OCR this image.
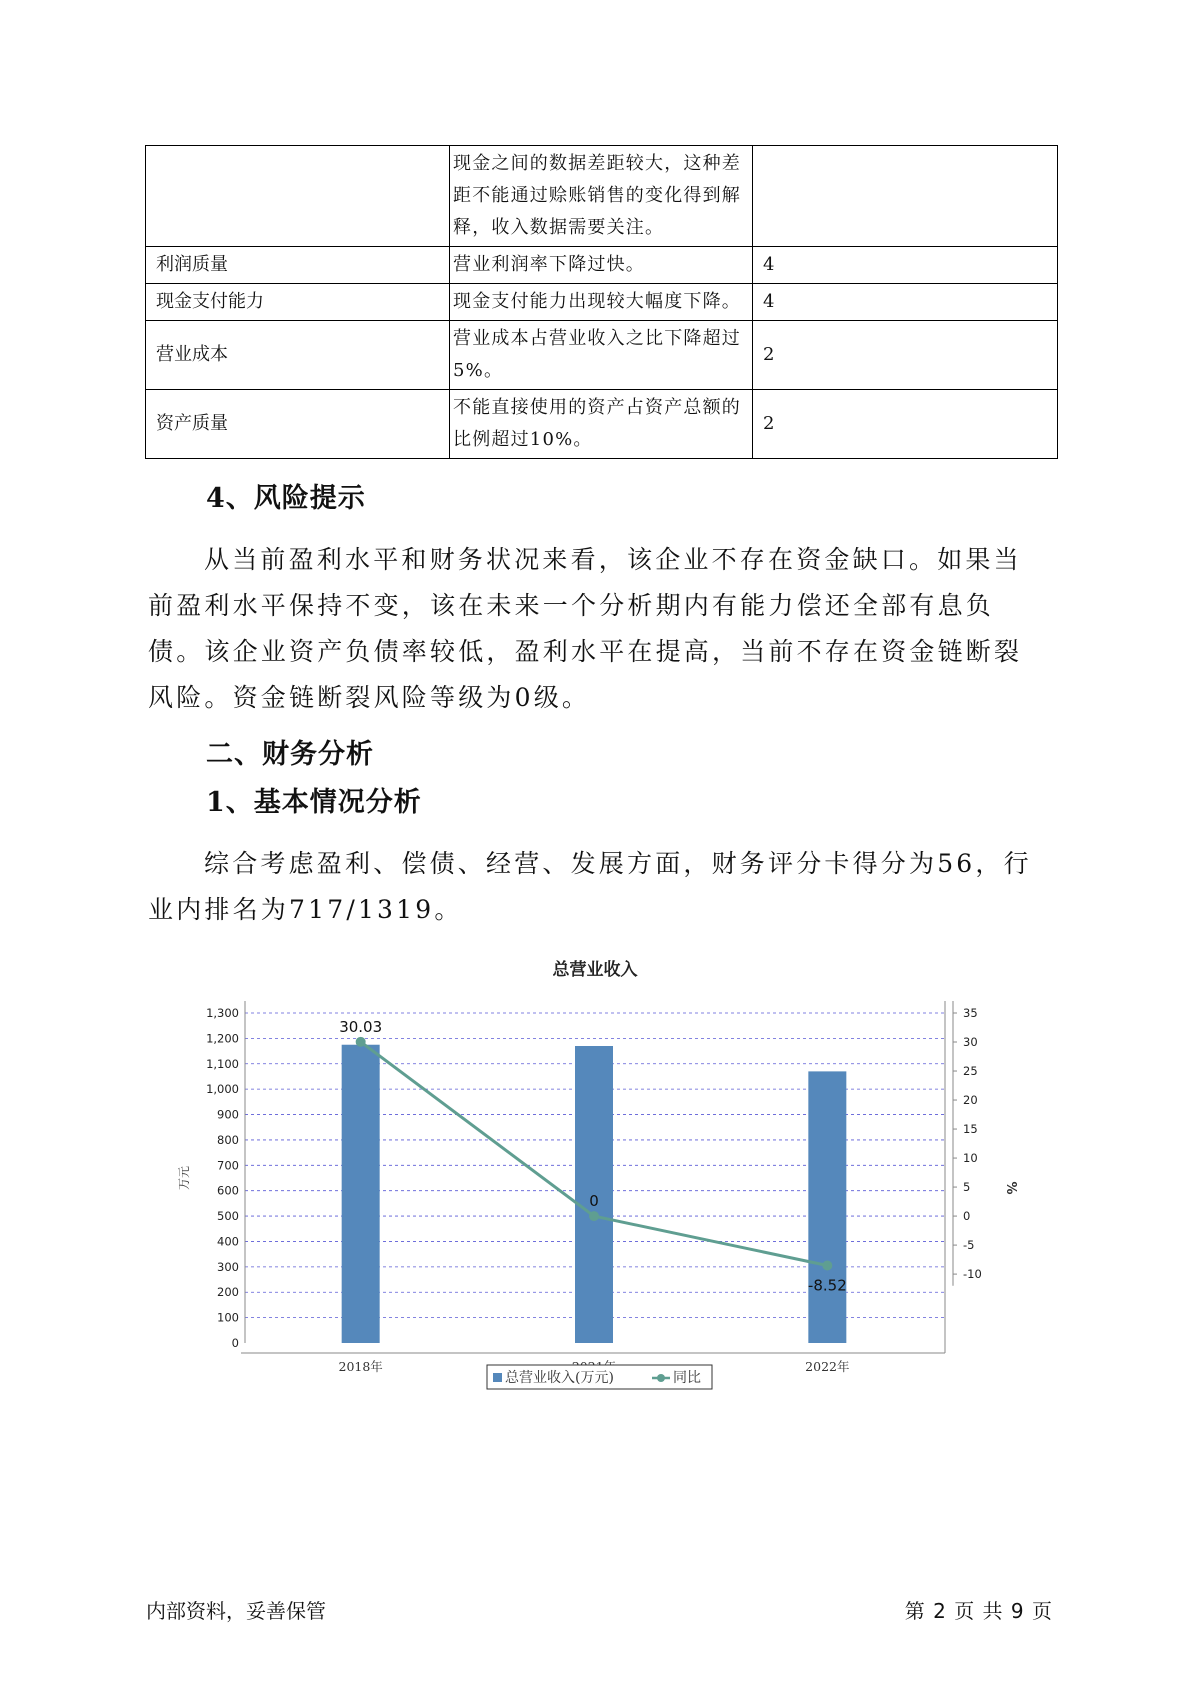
	现金之间的数据差距较大，这种差距不能通过赊账销售的变化得到解释，收入数据需要关注。	
利润质量	营业利润率下降过快。	4
现金支付能力	现金支付能力出现较大幅度下降。	4
营业成本	营业成本占营业收入之比下降超过5%。	2
资产质量	不能直接使用的资产占资产总额的比例超过10%。	2
4、风险提示

从当前盈利水平和财务状况来看，该企业不存在资金缺口。如果当前盈利水平保持不变，该在未来一个分析期内有能力偿还全部有息负债。该企业资产负债率较低，盈利水平在提高，当前不存在资金链断裂风险。资金链断裂风险等级为0级。

二、财务分析
1、基本情况分析

综合考虑盈利、偿债、经营、发展方面，财务评分卡得分为56，行业内排名为717/1319。

总营业收入
0
100
200
300
400
500
600
700
800
900
1,000
1,100
1,200
1,300	35
30
25
20
15
10
5
0
-5
-10
万元	%
2018年	2022年
30.03
0
-8.52
总营业收入(万元)	同比
内部资料，妥善保管	第 2 页 共 9 页
